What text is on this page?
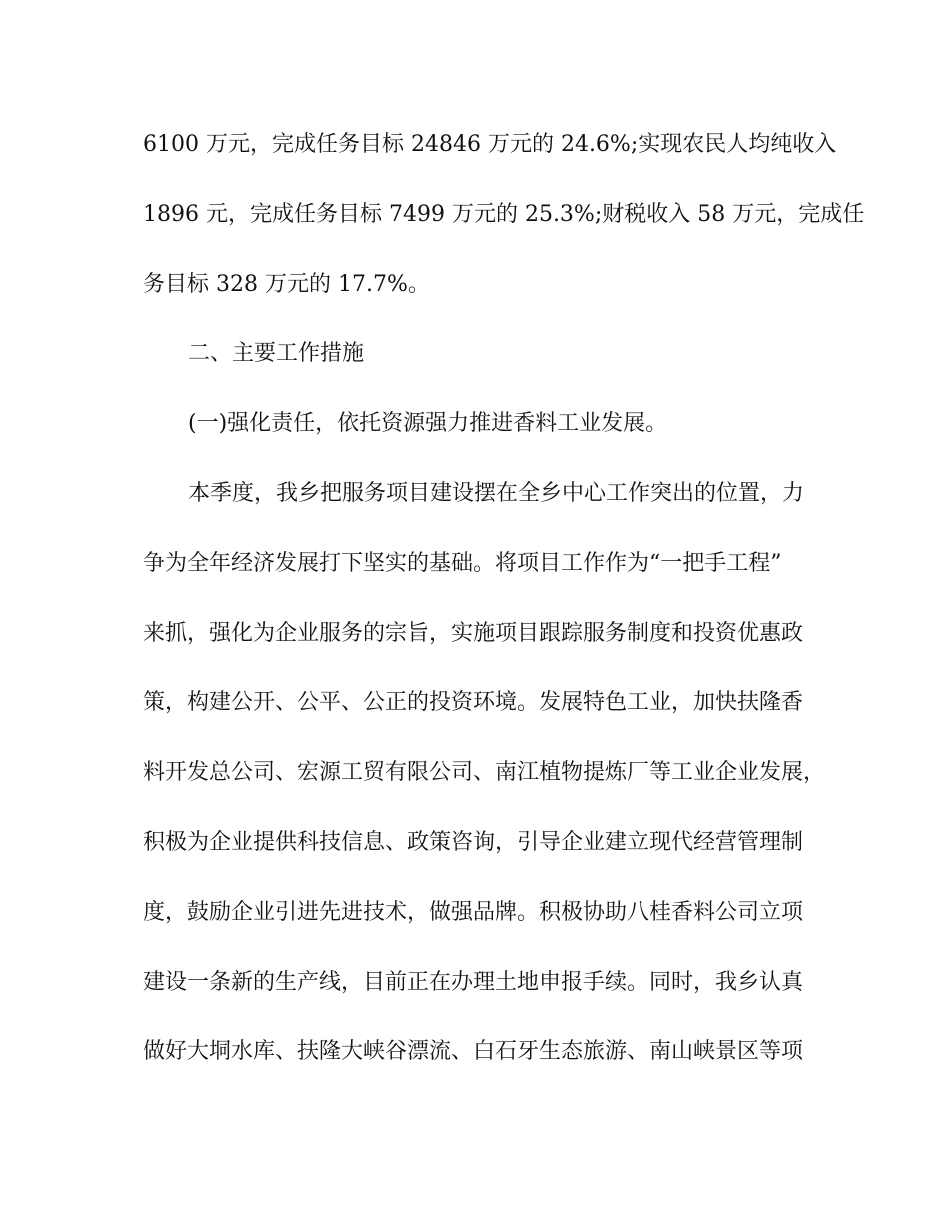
6100 万元，完成任务目标 24846 万元的 24.6%;实现农民人均纯收入
1896 元，完成任务目标 7499 万元的 25.3%;财税收入 58 万元，完成任
务目标 328 万元的 17.7%。
二、主要工作措施
(一)强化责任，依托资源强力推进香料工业发展。
本季度，我乡把服务项目建设摆在全乡中心工作突出的位置，力
争为全年经济发展打下坚实的基础。将项目工作作为“一把手工程”
来抓，强化为企业服务的宗旨，实施项目跟踪服务制度和投资优惠政
策，构建公开、公平、公正的投资环境。发展特色工业，加快扶隆香
料开发总公司、宏源工贸有限公司、南江植物提炼厂等工业企业发展，
积极为企业提供科技信息、政策咨询，引导企业建立现代经营管理制
度，鼓励企业引进先进技术，做强品牌。积极协助八桂香料公司立项
建设一条新的生产线，目前正在办理土地申报手续。同时，我乡认真
做好大垌水库、扶隆大峡谷漂流、白石牙生态旅游、南山峡景区等项
